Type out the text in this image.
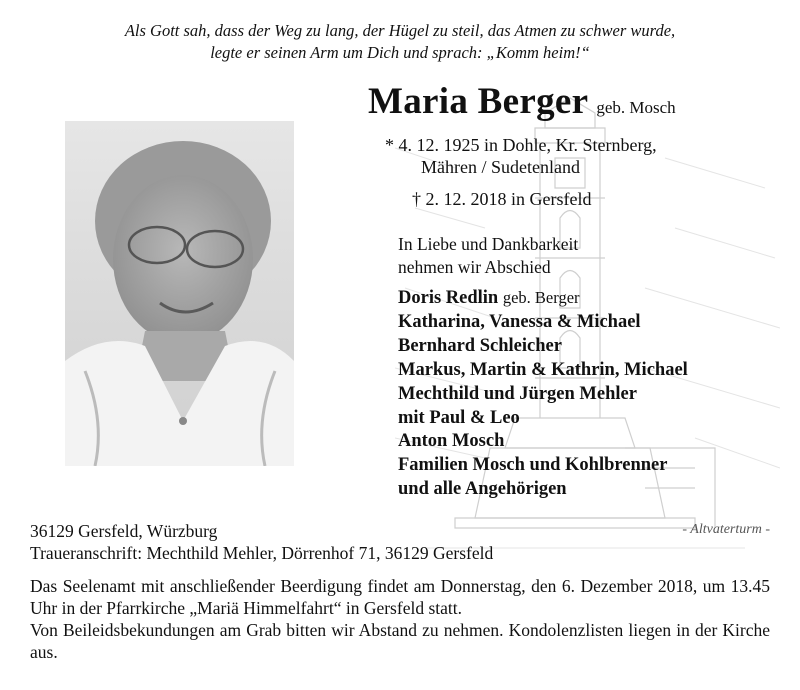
Als Gott sah, dass der Weg zu lang, der Hügel zu steil, das Atmen zu schwer wurde,
legte er seinen Arm um Dich und sprach: „Komm heim!“
Maria Berger geb. Mosch
* 4. 12. 1925 in Dohle, Kr. Sternberg,
Mähren / Sudetenland
† 2. 12. 2018 in Gersfeld
In Liebe und Dankbarkeit
nehmen wir Abschied
Doris Redlin geb. Berger
Katharina, Vanessa & Michael
Bernhard Schleicher
Markus, Martin & Kathrin, Michael
Mechthild und Jürgen Mehler
mit Paul & Leo
Anton Mosch
Familien Mosch und Kohlbrenner
und alle Angehörigen
- Altvaterturm -
36129 Gersfeld, Würzburg
Traueranschrift: Mechthild Mehler, Dörrenhof 71, 36129 Gersfeld

Das Seelenamt mit anschließender Beerdigung findet am Donnerstag, den 6. Dezember 2018, um 13.45 Uhr in der Pfarrkirche „Mariä Himmelfahrt“ in Gersfeld statt.

Von Beileidsbekundungen am Grab bitten wir Abstand zu nehmen. Kondolenzlisten liegen in der Kirche aus.
